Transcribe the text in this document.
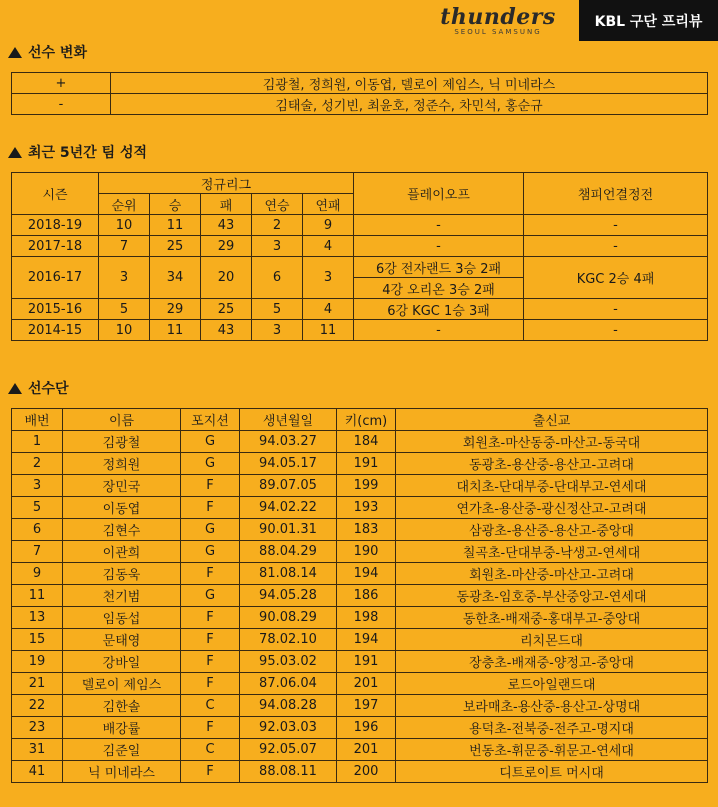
thunders
SEOUL SAMSUNG
KBL 구단 프리뷰
선수 변화
+	김광철, 정희원, 이동엽, 델로이 제임스, 닉 미네라스
-	김태술, 성기빈, 최윤호, 정준수, 차민석, 홍순규
최근 5년간 팀 성적
시즌	정규리그					플레이오프	챔피언결정전
	순위	승	패	연승	연패		
2018-19	10	11	43	2	9	-	-
2017-18	7	25	29	3	4	-	-
2016-17	3	34	20	6	3	6강 전자랜드 3승 2패	KGC 2승 4패
						4강 오리온 3승 2패	
2015-16	5	29	25	5	4	6강 KGC 1승 3패	-
2014-15	10	11	43	3	11	-	-
선수단
배번	이름	포지션	생년월일	키(cm)	출신교
1	김광철	G	94.03.27	184	회원초-마산동중-마산고-동국대
2	정희원	G	94.05.17	191	동광초-용산중-용산고-고려대
3	장민국	F	89.07.05	199	대치초-단대부중-단대부고-연세대
5	이동엽	F	94.02.22	193	연가초-용산중-광신정산고-고려대
6	김현수	G	90.01.31	183	삼광초-용산중-용산고-중앙대
7	이관희	G	88.04.29	190	칠곡초-단대부중-낙생고-연세대
9	김동욱	F	81.08.14	194	회원초-마산중-마산고-고려대
11	천기범	G	94.05.28	186	동광초-임호중-부산중앙고-연세대
13	임동섭	F	90.08.29	198	동한초-배재중-홍대부고-중앙대
15	문태영	F	78.02.10	194	리치몬드대
19	강바일	F	95.03.02	191	장충초-배재중-양정고-중앙대
21	델로이 제임스	F	87.06.04	201	로드아일랜드대
22	김한솔	C	94.08.28	197	보라매초-용산중-용산고-상명대
23	배강률	F	92.03.03	196	용덕초-전북중-전주고-명지대
31	김준일	C	92.05.07	201	번동초-휘문중-휘문고-연세대
41	닉 미네라스	F	88.08.11	200	디트로이트 머시대
